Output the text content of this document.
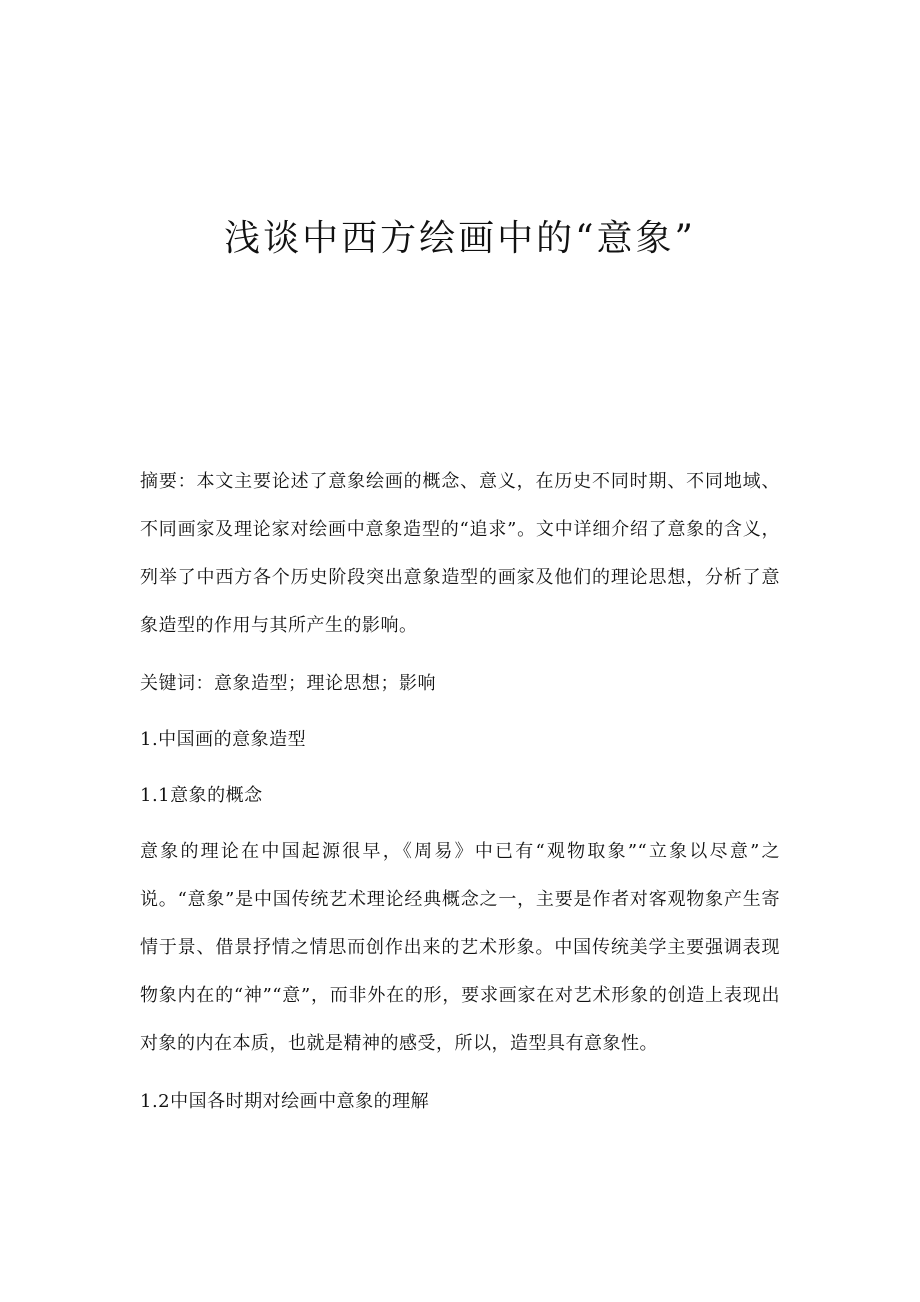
浅谈中西方绘画中的“意象”

摘要：本文主要论述了意象绘画的概念、意义，在历史不同时期、不同地域、不同画家及理论家对绘画中意象造型的“追求”。文中详细介绍了意象的含义，列举了中西方各个历史阶段突出意象造型的画家及他们的理论思想，分析了意象造型的作用与其所产生的影响。

关键词：意象造型；理论思想；影响

1.中国画的意象造型

1.1意象的概念

意象的理论在中国起源很早，《周易》中已有“观物取象”“立象以尽意”之说。“意象”是中国传统艺术理论经典概念之一，主要是作者对客观物象产生寄情于景、借景抒情之情思而创作出来的艺术形象。中国传统美学主要强调表现物象内在的“神”“意”，而非外在的形，要求画家在对艺术形象的创造上表现出对象的内在本质，也就是精神的感受，所以，造型具有意象性。

1.2中国各时期对绘画中意象的理解
